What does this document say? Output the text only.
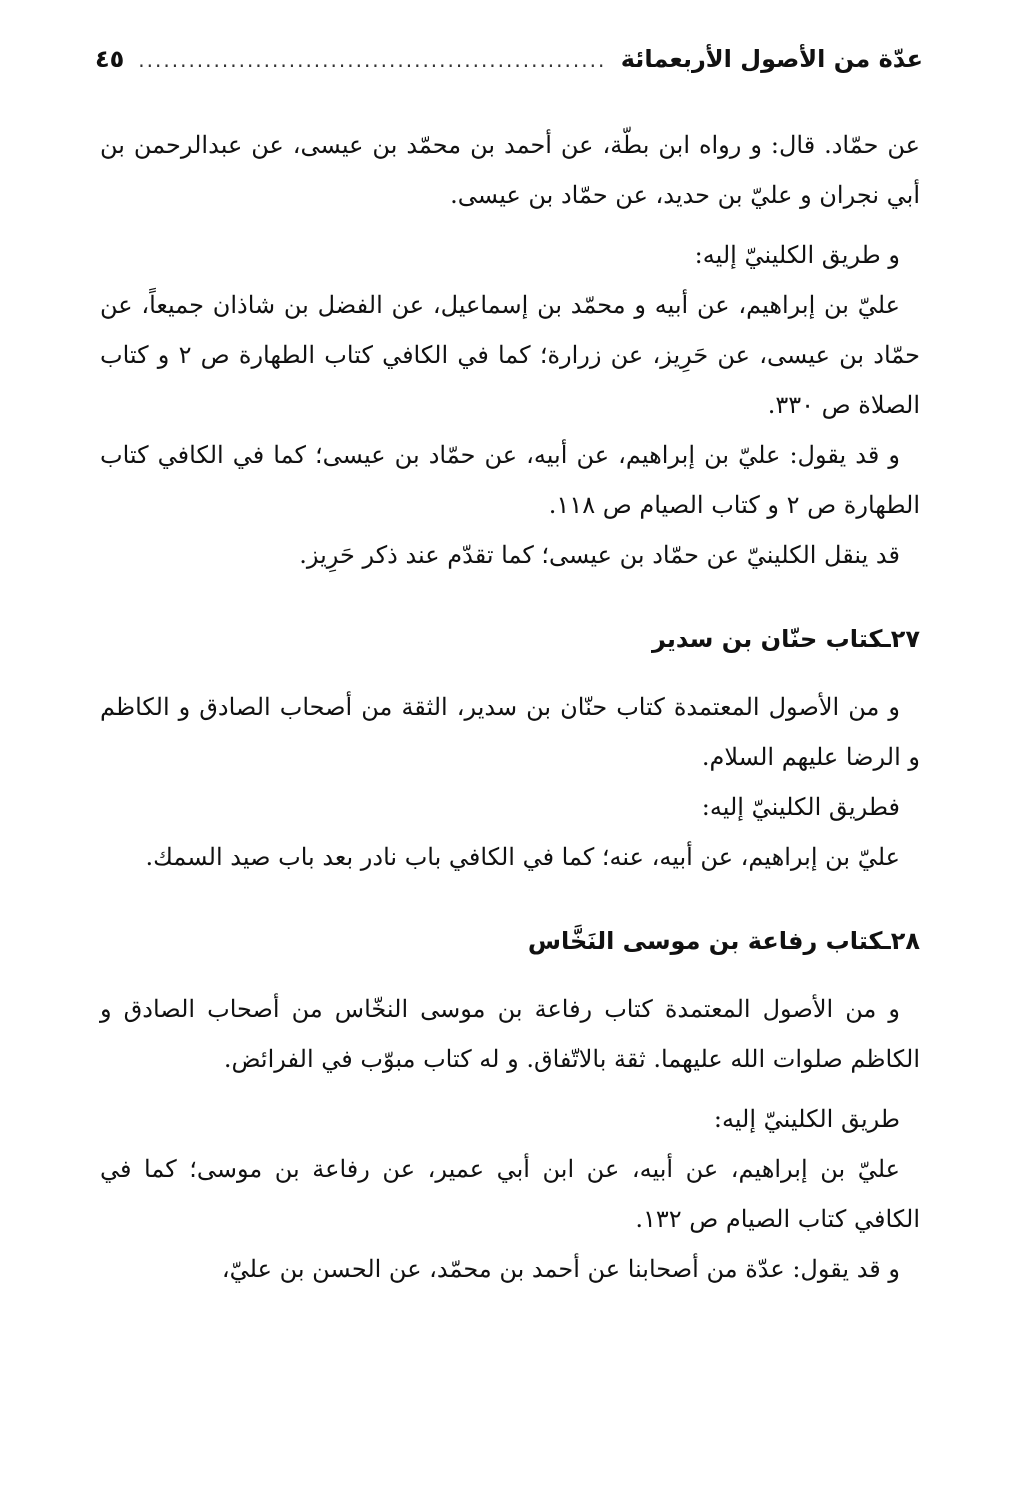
عدّة من الأصول الأربعمائة
.....
٤٥

عن حمّاد. قال: و رواه ابن بطّة، عن أحمد بن محمّد بن عيسى، عن عبدالرحمن بن أبي نجران و عليّ بن حديد، عن حمّاد بن عيسى.

و طريق الكلينيّ إليه:

عليّ بن إبراهيم، عن أبيه و محمّد بن إسماعيل، عن الفضل بن شاذان جميعاً، عن حمّاد بن عيسى، عن حَرِيز، عن زرارة؛ كما في الكافي كتاب الطهارة ص ٢ و كتاب الصلاة ص ٣٣٠.

و قد يقول: عليّ بن إبراهيم، عن أبيه، عن حمّاد بن عيسى؛ كما في الكافي كتاب الطهارة ص ٢ و كتاب الصيام ص ١١٨.

قد ينقل الكلينيّ عن حمّاد بن عيسى؛ كما تقدّم عند ذكر حَرِيز.

٢٧ـكتاب حنّان بن سدير

و من الأصول المعتمدة كتاب حنّان بن سدير، الثقة من أصحاب الصادق و الكاظم و الرضا عليهم السلام.

فطريق الكلينيّ إليه:

عليّ بن إبراهيم، عن أبيه، عنه؛ كما في الكافي باب نادر بعد باب صيد السمك.

٢٨ـكتاب رفاعة بن موسى النَخَّاس

و من الأصول المعتمدة كتاب رفاعة بن موسى النخّاس من أصحاب الصادق و الكاظم صلوات الله عليهما. ثقة بالاتّفاق. و له كتاب مبوّب في الفرائض.

طريق الكلينيّ إليه:

عليّ بن إبراهيم، عن أبيه، عن ابن أبي عمير، عن رفاعة بن موسى؛ كما في الكافي كتاب الصيام ص ١٣٢.

و قد يقول: عدّة من أصحابنا عن أحمد بن محمّد، عن الحسن بن عليّ،
